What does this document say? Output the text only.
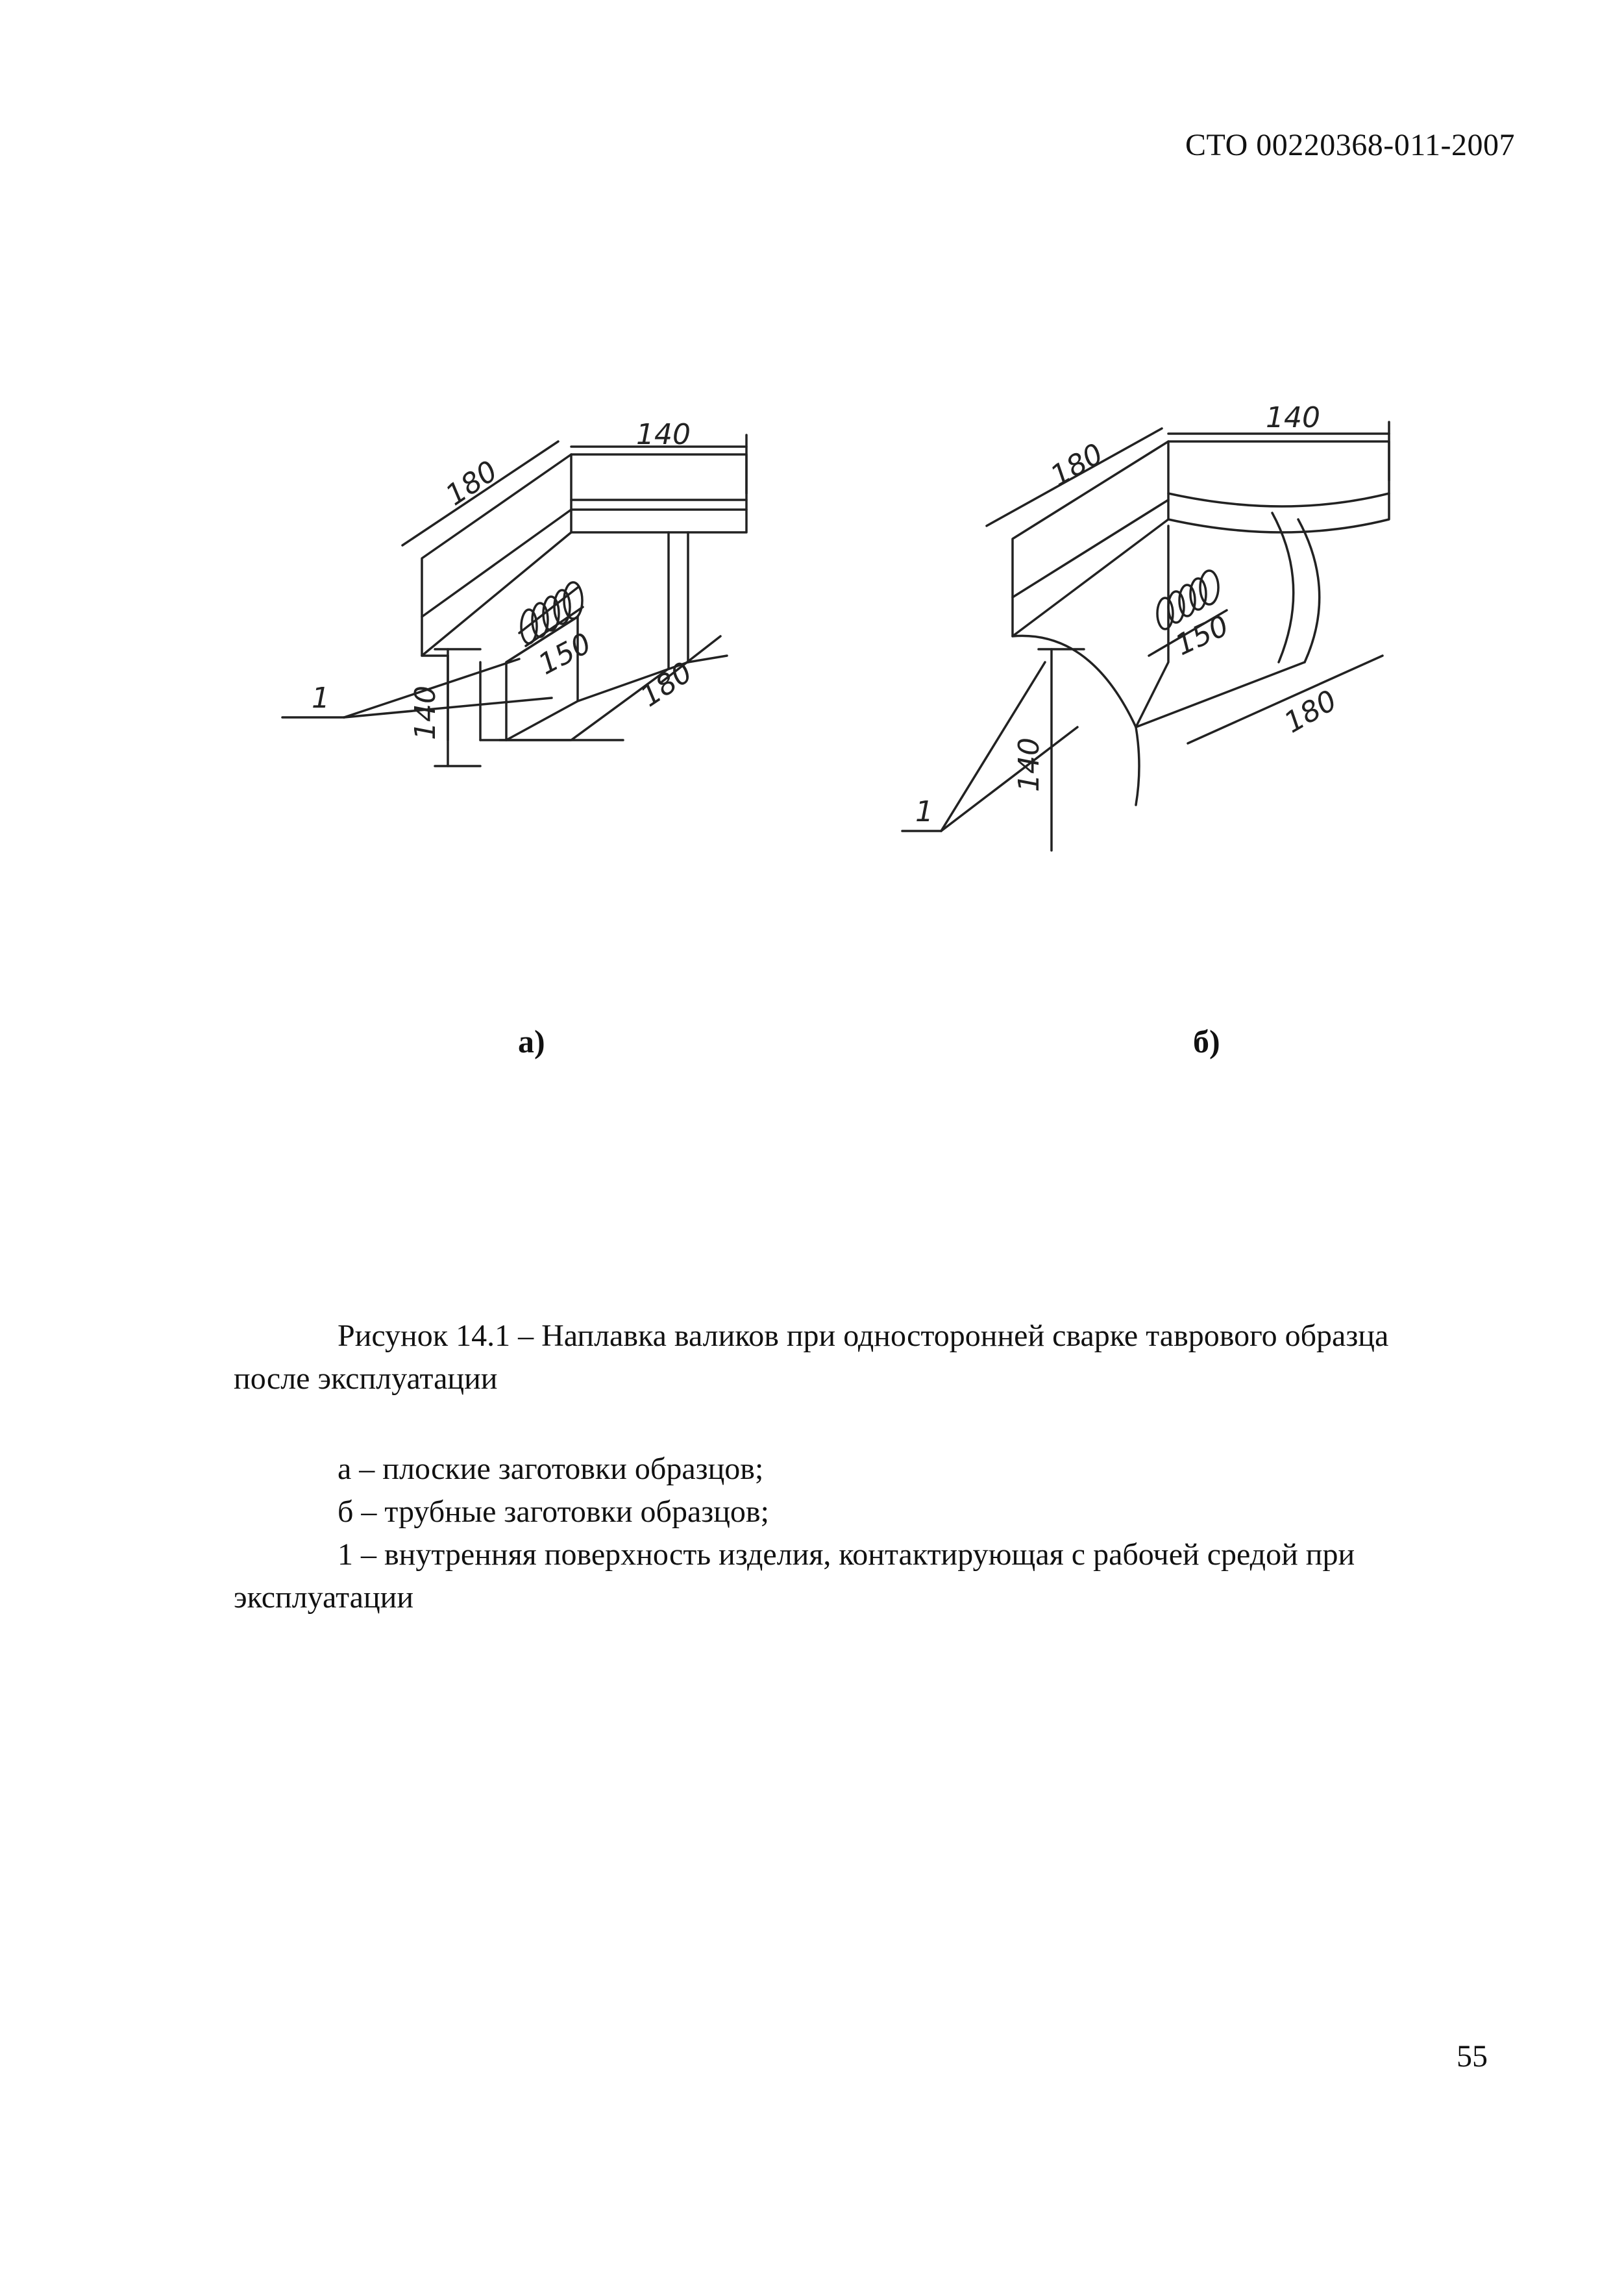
СТО 00220368-011-2007
140
180
150
180
140
1
140
180
150
180
140
1
а)	б)
Рисунок 14.1 – Наплавка валиков при односторонней сварке таврового образца
после эксплуатации
а – плоские заготовки образцов;
б – трубные заготовки образцов;
1 – внутренняя поверхность изделия, контактирующая с рабочей средой при
эксплуатации
55
